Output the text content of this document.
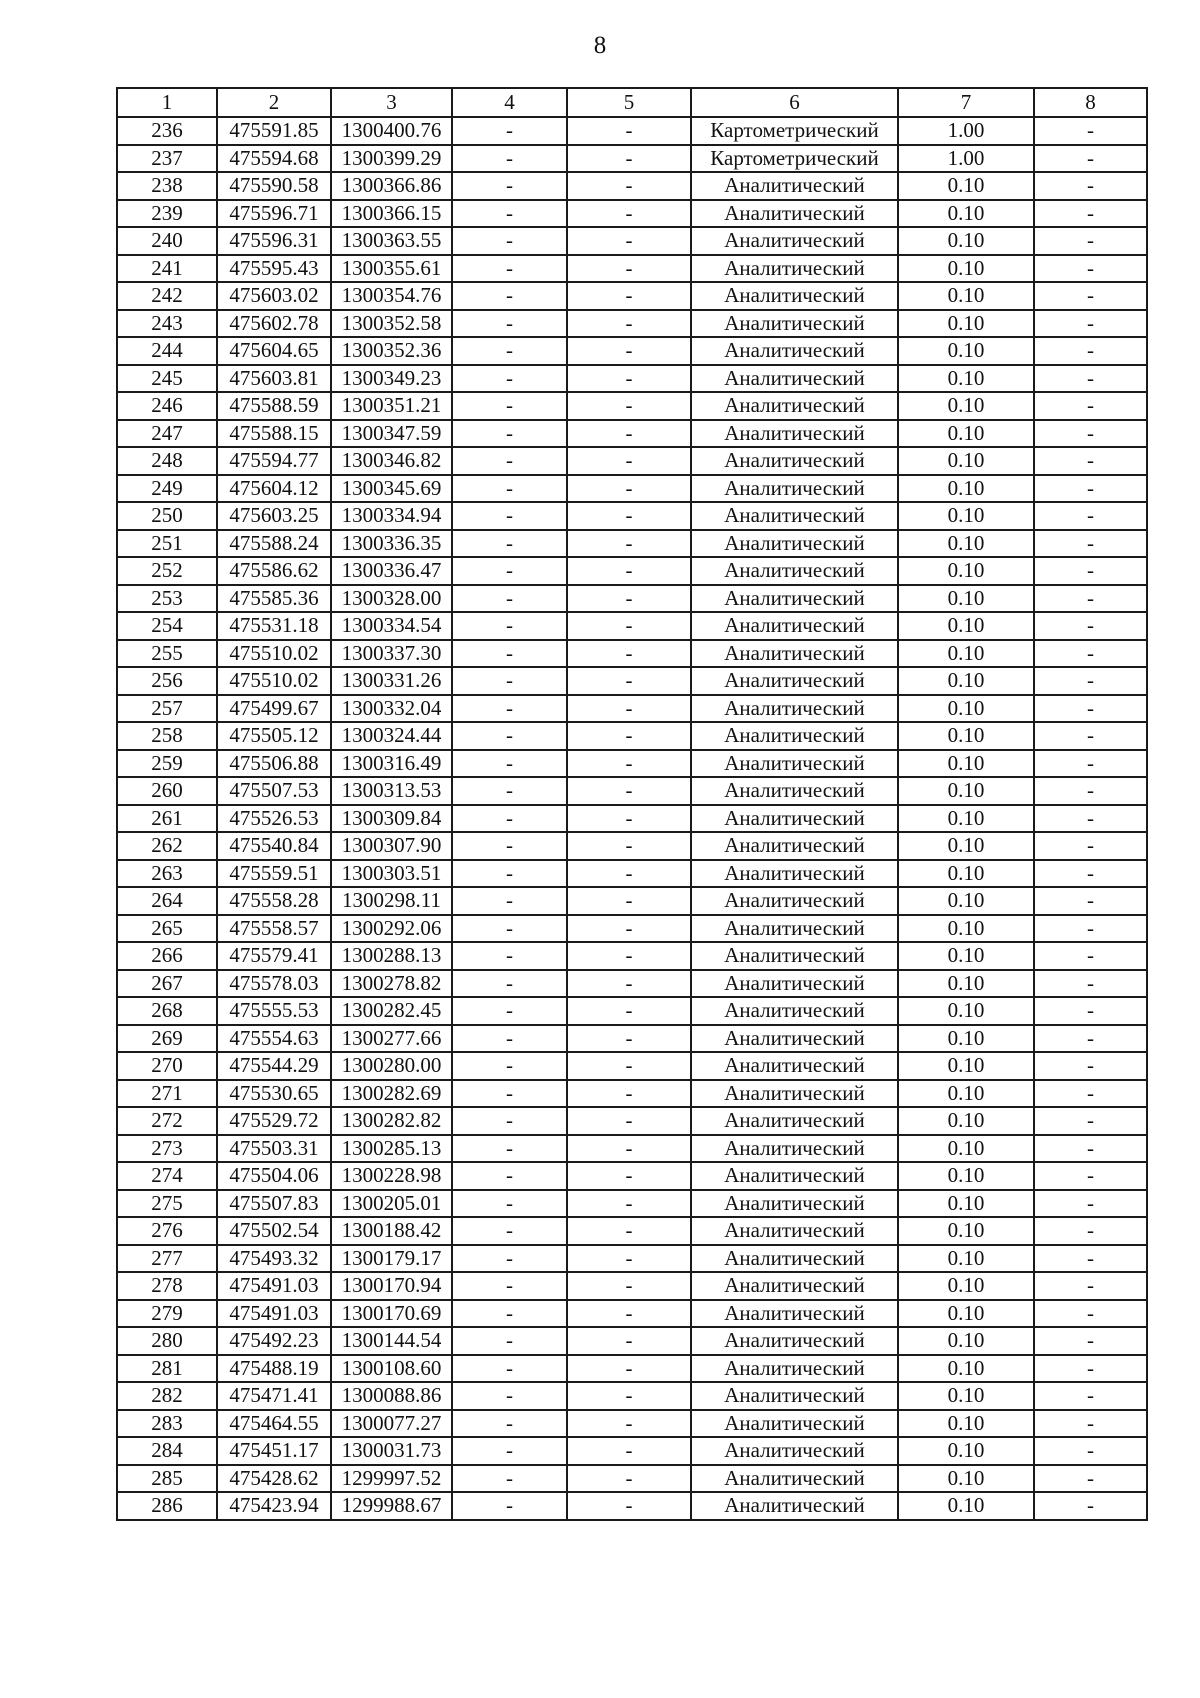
8
1	2	3	4	5	6	7	8
236	475591.85	1300400.76	-	-	Картометрический	1.00	-
237	475594.68	1300399.29	-	-	Картометрический	1.00	-
238	475590.58	1300366.86	-	-	Аналитический	0.10	-
239	475596.71	1300366.15	-	-	Аналитический	0.10	-
240	475596.31	1300363.55	-	-	Аналитический	0.10	-
241	475595.43	1300355.61	-	-	Аналитический	0.10	-
242	475603.02	1300354.76	-	-	Аналитический	0.10	-
243	475602.78	1300352.58	-	-	Аналитический	0.10	-
244	475604.65	1300352.36	-	-	Аналитический	0.10	-
245	475603.81	1300349.23	-	-	Аналитический	0.10	-
246	475588.59	1300351.21	-	-	Аналитический	0.10	-
247	475588.15	1300347.59	-	-	Аналитический	0.10	-
248	475594.77	1300346.82	-	-	Аналитический	0.10	-
249	475604.12	1300345.69	-	-	Аналитический	0.10	-
250	475603.25	1300334.94	-	-	Аналитический	0.10	-
251	475588.24	1300336.35	-	-	Аналитический	0.10	-
252	475586.62	1300336.47	-	-	Аналитический	0.10	-
253	475585.36	1300328.00	-	-	Аналитический	0.10	-
254	475531.18	1300334.54	-	-	Аналитический	0.10	-
255	475510.02	1300337.30	-	-	Аналитический	0.10	-
256	475510.02	1300331.26	-	-	Аналитический	0.10	-
257	475499.67	1300332.04	-	-	Аналитический	0.10	-
258	475505.12	1300324.44	-	-	Аналитический	0.10	-
259	475506.88	1300316.49	-	-	Аналитический	0.10	-
260	475507.53	1300313.53	-	-	Аналитический	0.10	-
261	475526.53	1300309.84	-	-	Аналитический	0.10	-
262	475540.84	1300307.90	-	-	Аналитический	0.10	-
263	475559.51	1300303.51	-	-	Аналитический	0.10	-
264	475558.28	1300298.11	-	-	Аналитический	0.10	-
265	475558.57	1300292.06	-	-	Аналитический	0.10	-
266	475579.41	1300288.13	-	-	Аналитический	0.10	-
267	475578.03	1300278.82	-	-	Аналитический	0.10	-
268	475555.53	1300282.45	-	-	Аналитический	0.10	-
269	475554.63	1300277.66	-	-	Аналитический	0.10	-
270	475544.29	1300280.00	-	-	Аналитический	0.10	-
271	475530.65	1300282.69	-	-	Аналитический	0.10	-
272	475529.72	1300282.82	-	-	Аналитический	0.10	-
273	475503.31	1300285.13	-	-	Аналитический	0.10	-
274	475504.06	1300228.98	-	-	Аналитический	0.10	-
275	475507.83	1300205.01	-	-	Аналитический	0.10	-
276	475502.54	1300188.42	-	-	Аналитический	0.10	-
277	475493.32	1300179.17	-	-	Аналитический	0.10	-
278	475491.03	1300170.94	-	-	Аналитический	0.10	-
279	475491.03	1300170.69	-	-	Аналитический	0.10	-
280	475492.23	1300144.54	-	-	Аналитический	0.10	-
281	475488.19	1300108.60	-	-	Аналитический	0.10	-
282	475471.41	1300088.86	-	-	Аналитический	0.10	-
283	475464.55	1300077.27	-	-	Аналитический	0.10	-
284	475451.17	1300031.73	-	-	Аналитический	0.10	-
285	475428.62	1299997.52	-	-	Аналитический	0.10	-
286	475423.94	1299988.67	-	-	Аналитический	0.10	-
